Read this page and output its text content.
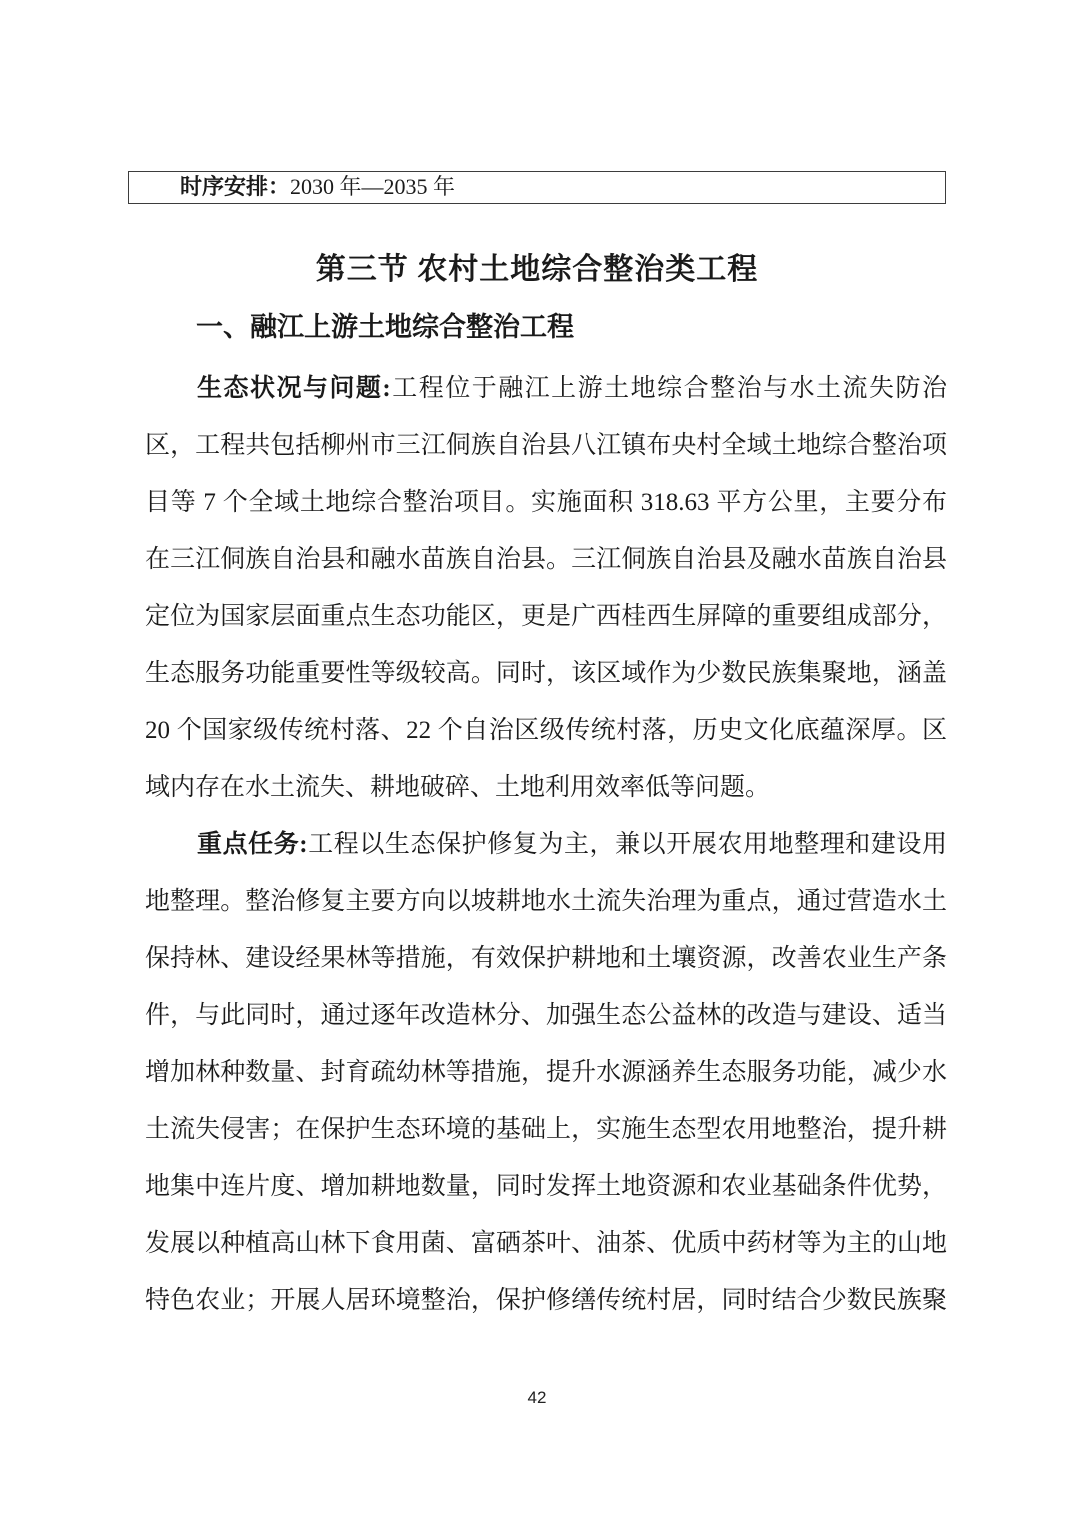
时序安排：2030 年—2035 年
第三节 农村土地综合整治类工程
一、融江上游土地综合整治工程
生态状况与问题:工程位于融江上游土地综合整治与水土流失防治
区，工程共包括柳州市三江侗族自治县八江镇布央村全域土地综合整治项
目等 7 个全域土地综合整治项目。实施面积 318.63 平方公里，主要分布
在三江侗族自治县和融水苗族自治县。三江侗族自治县及融水苗族自治县
定位为国家层面重点生态功能区，更是广西桂西生屏障的重要组成部分，
生态服务功能重要性等级较高。同时，该区域作为少数民族集聚地，涵盖
20 个国家级传统村落、22 个自治区级传统村落，历史文化底蕴深厚。区
域内存在水土流失、耕地破碎、土地利用效率低等问题。
重点任务:工程以生态保护修复为主，兼以开展农用地整理和建设用
地整理。整治修复主要方向以坡耕地水土流失治理为重点，通过营造水土
保持林、建设经果林等措施，有效保护耕地和土壤资源，改善农业生产条
件，与此同时，通过逐年改造林分、加强生态公益林的改造与建设、适当
增加林种数量、封育疏幼林等措施，提升水源涵养生态服务功能，减少水
土流失侵害；在保护生态环境的基础上，实施生态型农用地整治，提升耕
地集中连片度、增加耕地数量，同时发挥土地资源和农业基础条件优势，
发展以种植高山林下食用菌、富硒茶叶、油茶、优质中药材等为主的山地
特色农业；开展人居环境整治，保护修缮传统村居，同时结合少数民族聚
42
